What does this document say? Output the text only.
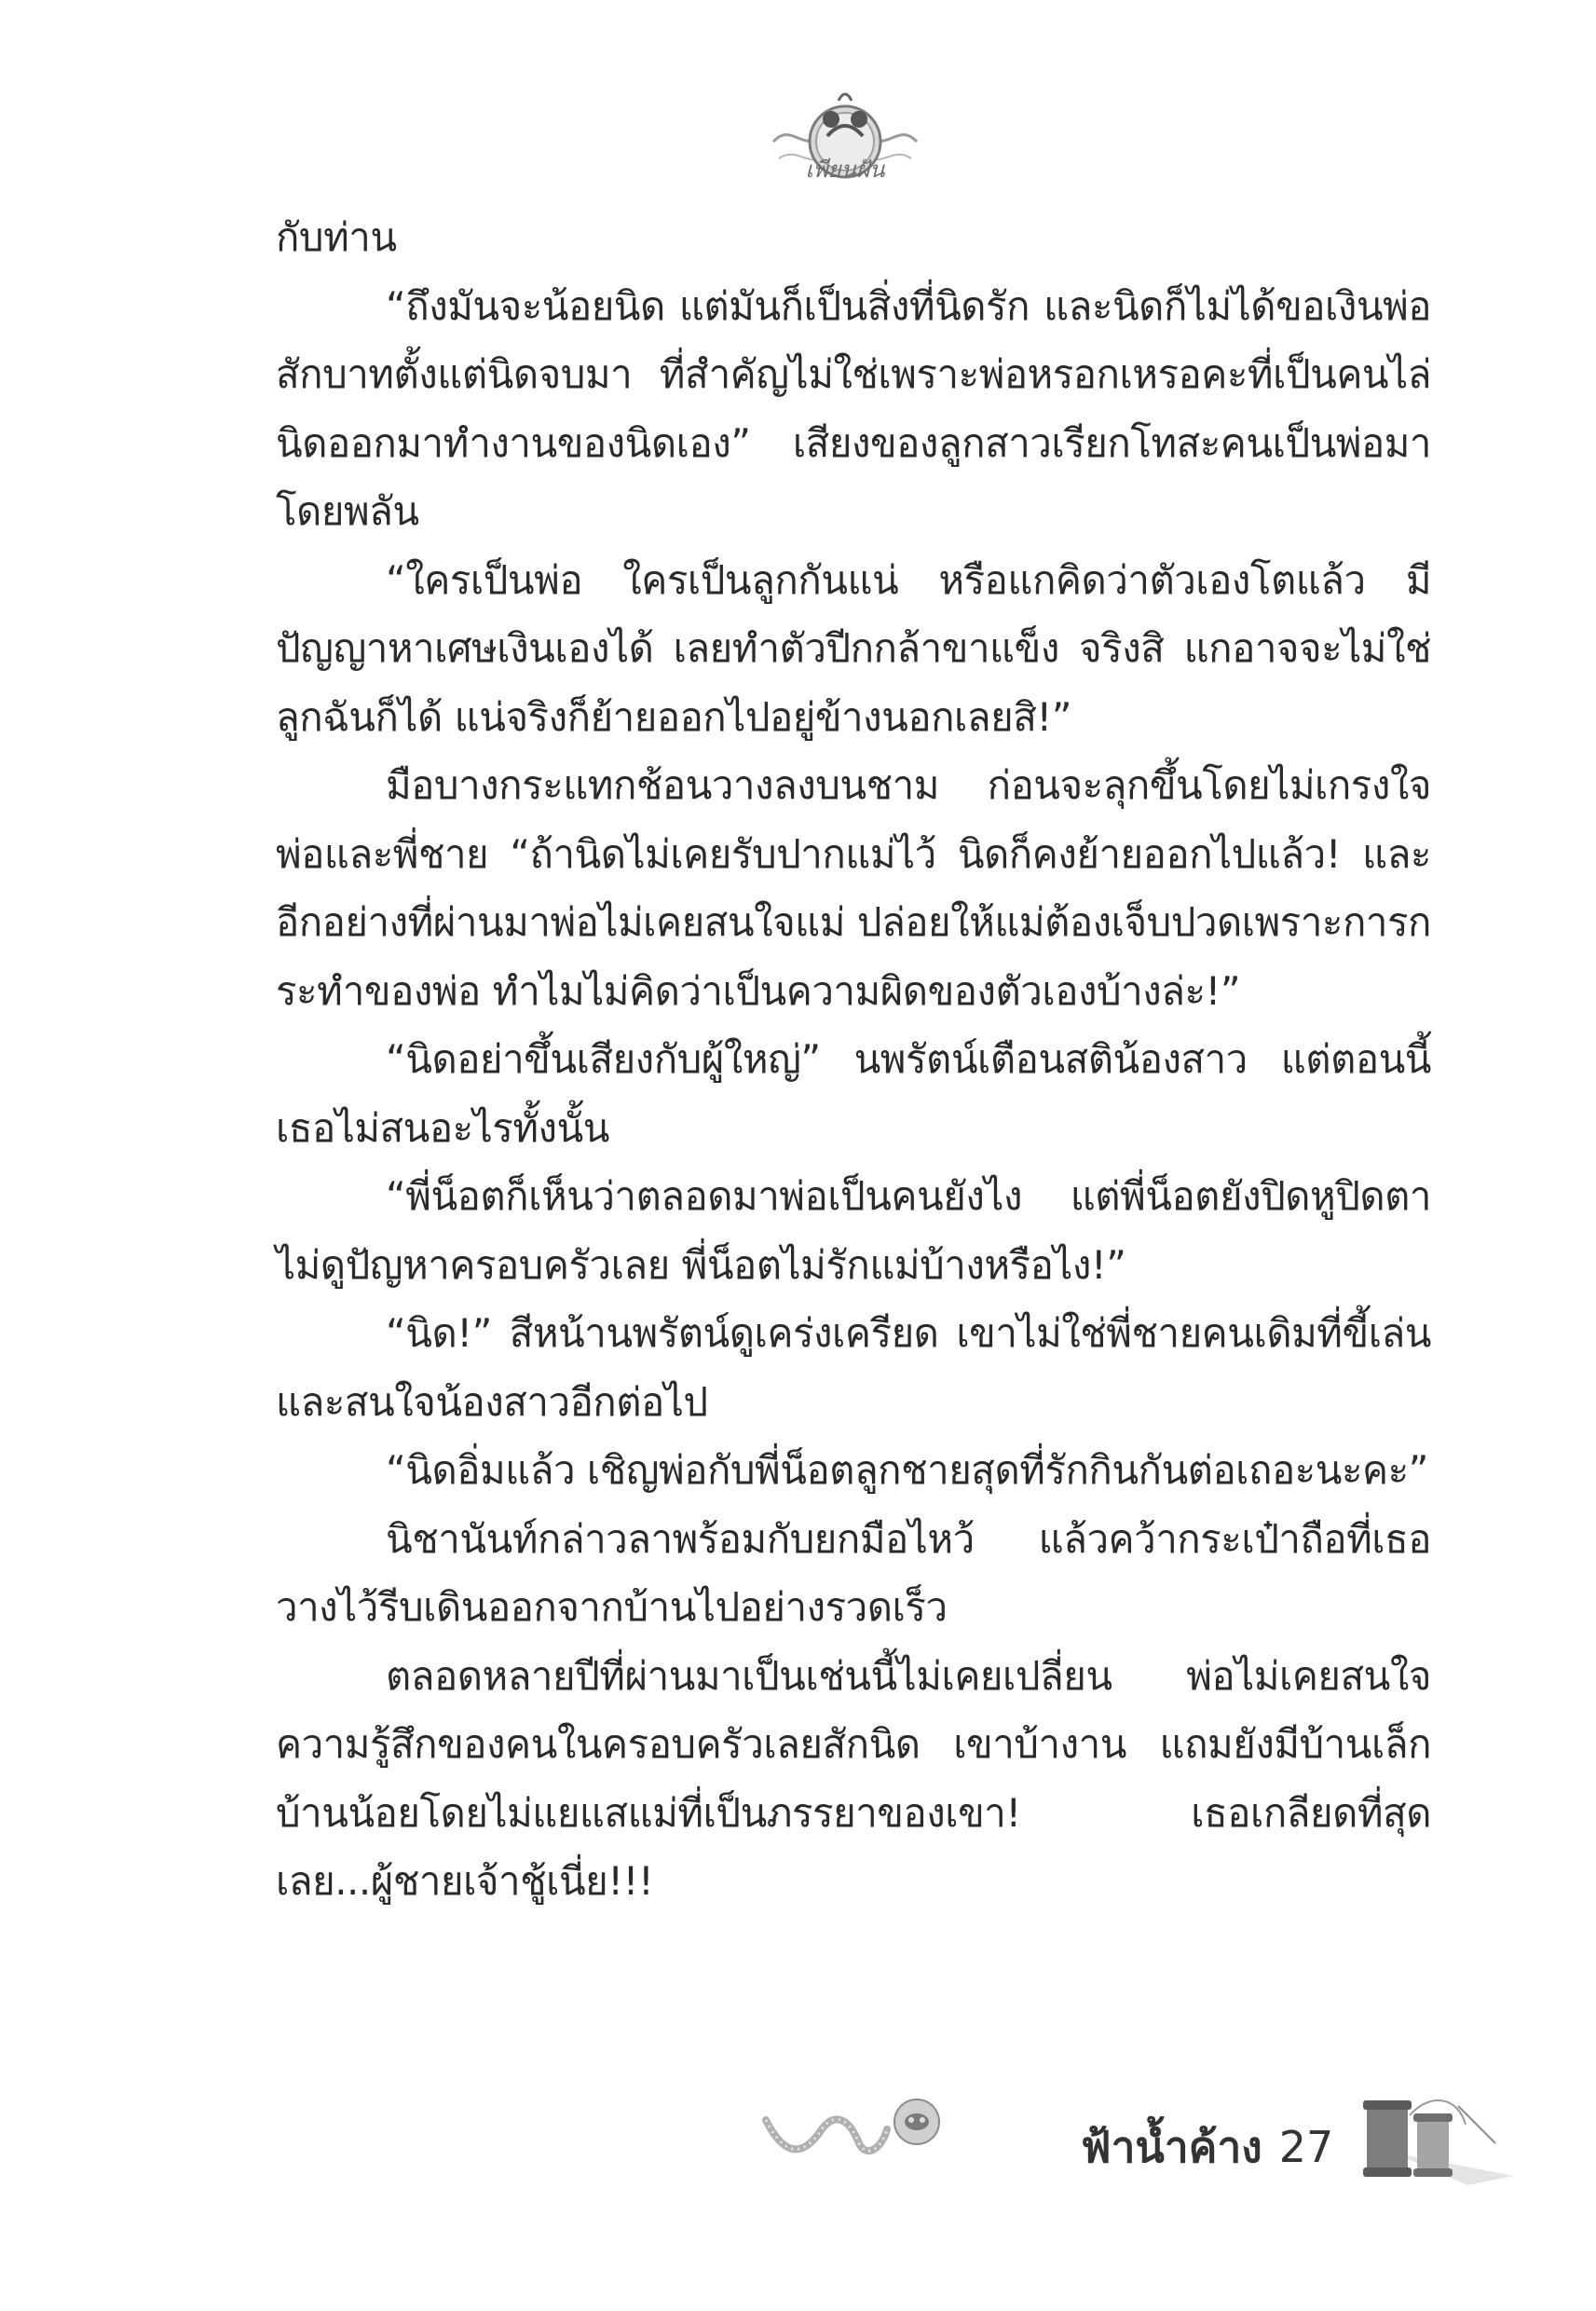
เพียนฝัน

กับท่าน

“ถึงมันจะน้อยนิด แต่มันก็เป็นสิ่งที่นิดรัก และนิดก็ไม่ได้ขอเงินพ่อสักบาทตั้งแต่นิดจบมา ที่สำคัญไม่ใช่เพราะพ่อหรอกเหรอคะที่เป็นคนไล่นิดออกมาทำงานของนิดเอง” เสียงของลูกสาวเรียกโทสะคนเป็นพ่อมาโดยพลัน

“ใครเป็นพ่อ ใครเป็นลูกกันแน่ หรือแกคิดว่าตัวเองโตแล้ว มีปัญญาหาเศษเงินเองได้ เลยทำตัวปีกกล้าขาแข็ง จริงสิ แกอาจจะไม่ใช่ลูกฉันก็ได้ แน่จริงก็ย้ายออกไปอยู่ข้างนอกเลยสิ!”

มือบางกระแทกช้อนวางลงบนชาม ก่อนจะลุกขึ้นโดยไม่เกรงใจพ่อและพี่ชาย “ถ้านิดไม่เคยรับปากแม่ไว้ นิดก็คงย้ายออกไปแล้ว! และอีกอย่างที่ผ่านมาพ่อไม่เคยสนใจแม่ ปล่อยให้แม่ต้องเจ็บปวดเพราะการกระทำของพ่อ ทำไมไม่คิดว่าเป็นความผิดของตัวเองบ้างล่ะ!”

“นิดอย่าขึ้นเสียงกับผู้ใหญ่” นพรัตน์เตือนสติน้องสาว แต่ตอนนี้เธอไม่สนอะไรทั้งนั้น

“พี่น็อตก็เห็นว่าตลอดมาพ่อเป็นคนยังไง แต่พี่น็อตยังปิดหูปิดตาไม่ดูปัญหาครอบครัวเลย พี่น็อตไม่รักแม่บ้างหรือไง!”

“นิด!” สีหน้านพรัตน์ดูเคร่งเครียด เขาไม่ใช่พี่ชายคนเดิมที่ขี้เล่นและสนใจน้องสาวอีกต่อไป

“นิดอิ่มแล้ว เชิญพ่อกับพี่น็อตลูกชายสุดที่รักกินกันต่อเถอะนะคะ”

นิชานันท์กล่าวลาพร้อมกับยกมือไหว้ แล้วคว้ากระเป๋าถือที่เธอวางไว้รีบเดินออกจากบ้านไปอย่างรวดเร็ว

ตลอดหลายปีที่ผ่านมาเป็นเช่นนี้ไม่เคยเปลี่ยน พ่อไม่เคยสนใจความรู้สึกของคนในครอบครัวเลยสักนิด เขาบ้างาน แถมยังมีบ้านเล็กบ้านน้อยโดยไม่แยแสแม่ที่เป็นภรรยาของเขา! เธอเกลียดที่สุดเลย...ผู้ชายเจ้าชู้เนี่ย!!!

ฟ้าน้ำค้าง 27
